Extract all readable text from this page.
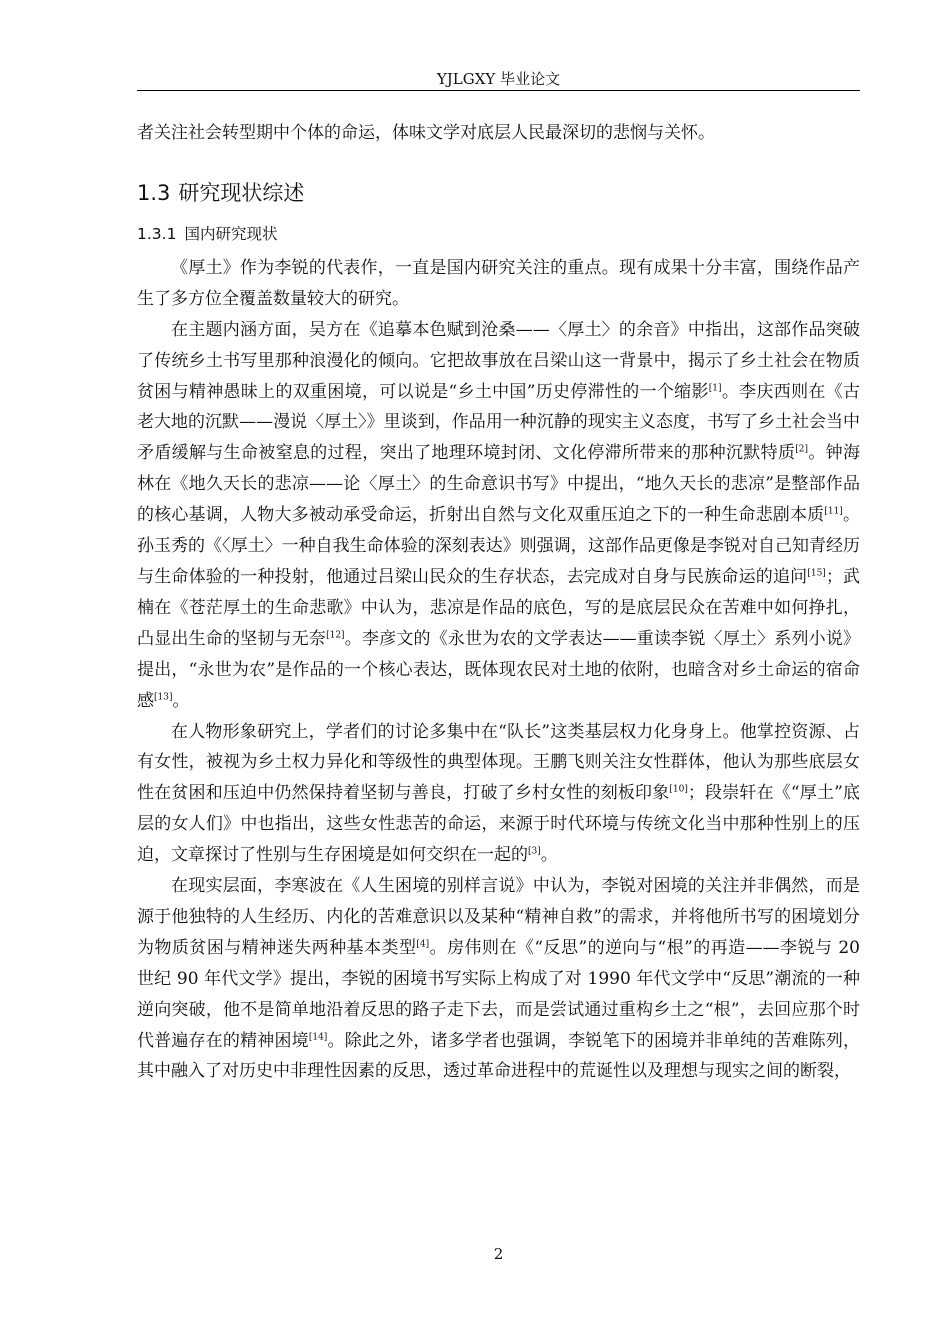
YJLGXY 毕业论文

者关注社会转型期中个体的命运，体味文学对底层人民最深切的悲悯与关怀。

1.3 研究现状综述
1.3.1 国内研究现状

《厚土》作为李锐的代表作，一直是国内研究关注的重点。现有成果十分丰富，围绕作品产生了多方位全覆盖数量较大的研究。

在主题内涵方面，吴方在《追摹本色赋到沧桑——〈厚土〉的余音》中指出，这部作品突破了传统乡土书写里那种浪漫化的倾向。它把故事放在吕梁山这一背景中，揭示了乡土社会在物质贫困与精神愚昧上的双重困境，可以说是“乡土中国”历史停滞性的一个缩影[1]。李庆西则在《古老大地的沉默——漫说〈厚土〉》里谈到，作品用一种沉静的现实主义态度，书写了乡土社会当中矛盾缓解与生命被窒息的过程，突出了地理环境封闭、文化停滞所带来的那种沉默特质[2]。钟海林在《地久天长的悲凉——论〈厚土〉的生命意识书写》中提出，“地久天长的悲凉”是整部作品的核心基调，人物大多被动承受命运，折射出自然与文化双重压迫之下的一种生命悲剧本质[11]。孙玉秀的《〈厚土〉一种自我生命体验的深刻表达》则强调，这部作品更像是李锐对自己知青经历与生命体验的一种投射，他通过吕梁山民众的生存状态，去完成对自身与民族命运的追问[15]；武楠在《苍茫厚土的生命悲歌》中认为，悲凉是作品的底色，写的是底层民众在苦难中如何挣扎，凸显出生命的坚韧与无奈[12]。李彦文的《永世为农的文学表达——重读李锐〈厚土〉系列小说》提出，“永世为农”是作品的一个核心表达，既体现农民对土地的依附，也暗含对乡土命运的宿命感[13]。

在人物形象研究上，学者们的讨论多集中在“队长”这类基层权力化身身上。他掌控资源、占有女性，被视为乡土权力异化和等级性的典型体现。王鹏飞则关注女性群体，他认为那些底层女性在贫困和压迫中仍然保持着坚韧与善良，打破了乡村女性的刻板印象[10]；段崇轩在《“厚土”底层的女人们》中也指出，这些女性悲苦的命运，来源于时代环境与传统文化当中那种性别上的压迫，文章探讨了性别与生存困境是如何交织在一起的[3]。

在现实层面，李寒波在《人生困境的别样言说》中认为，李锐对困境的关注并非偶然，而是源于他独特的人生经历、内化的苦难意识以及某种“精神自救”的需求，并将他所书写的困境划分为物质贫困与精神迷失两种基本类型[4]。房伟则在《“反思”的逆向与“根”的再造——李锐与 20 世纪 90 年代文学》提出，李锐的困境书写实际上构成了对 1990 年代文学中“反思”潮流的一种逆向突破，他不是简单地沿着反思的路子走下去，而是尝试通过重构乡土之“根”，去回应那个时代普遍存在的精神困境[14]。除此之外，诸多学者也强调，李锐笔下的困境并非单纯的苦难陈列，其中融入了对历史中非理性因素的反思，透过革命进程中的荒诞性以及理想与现实之间的断裂，

2
